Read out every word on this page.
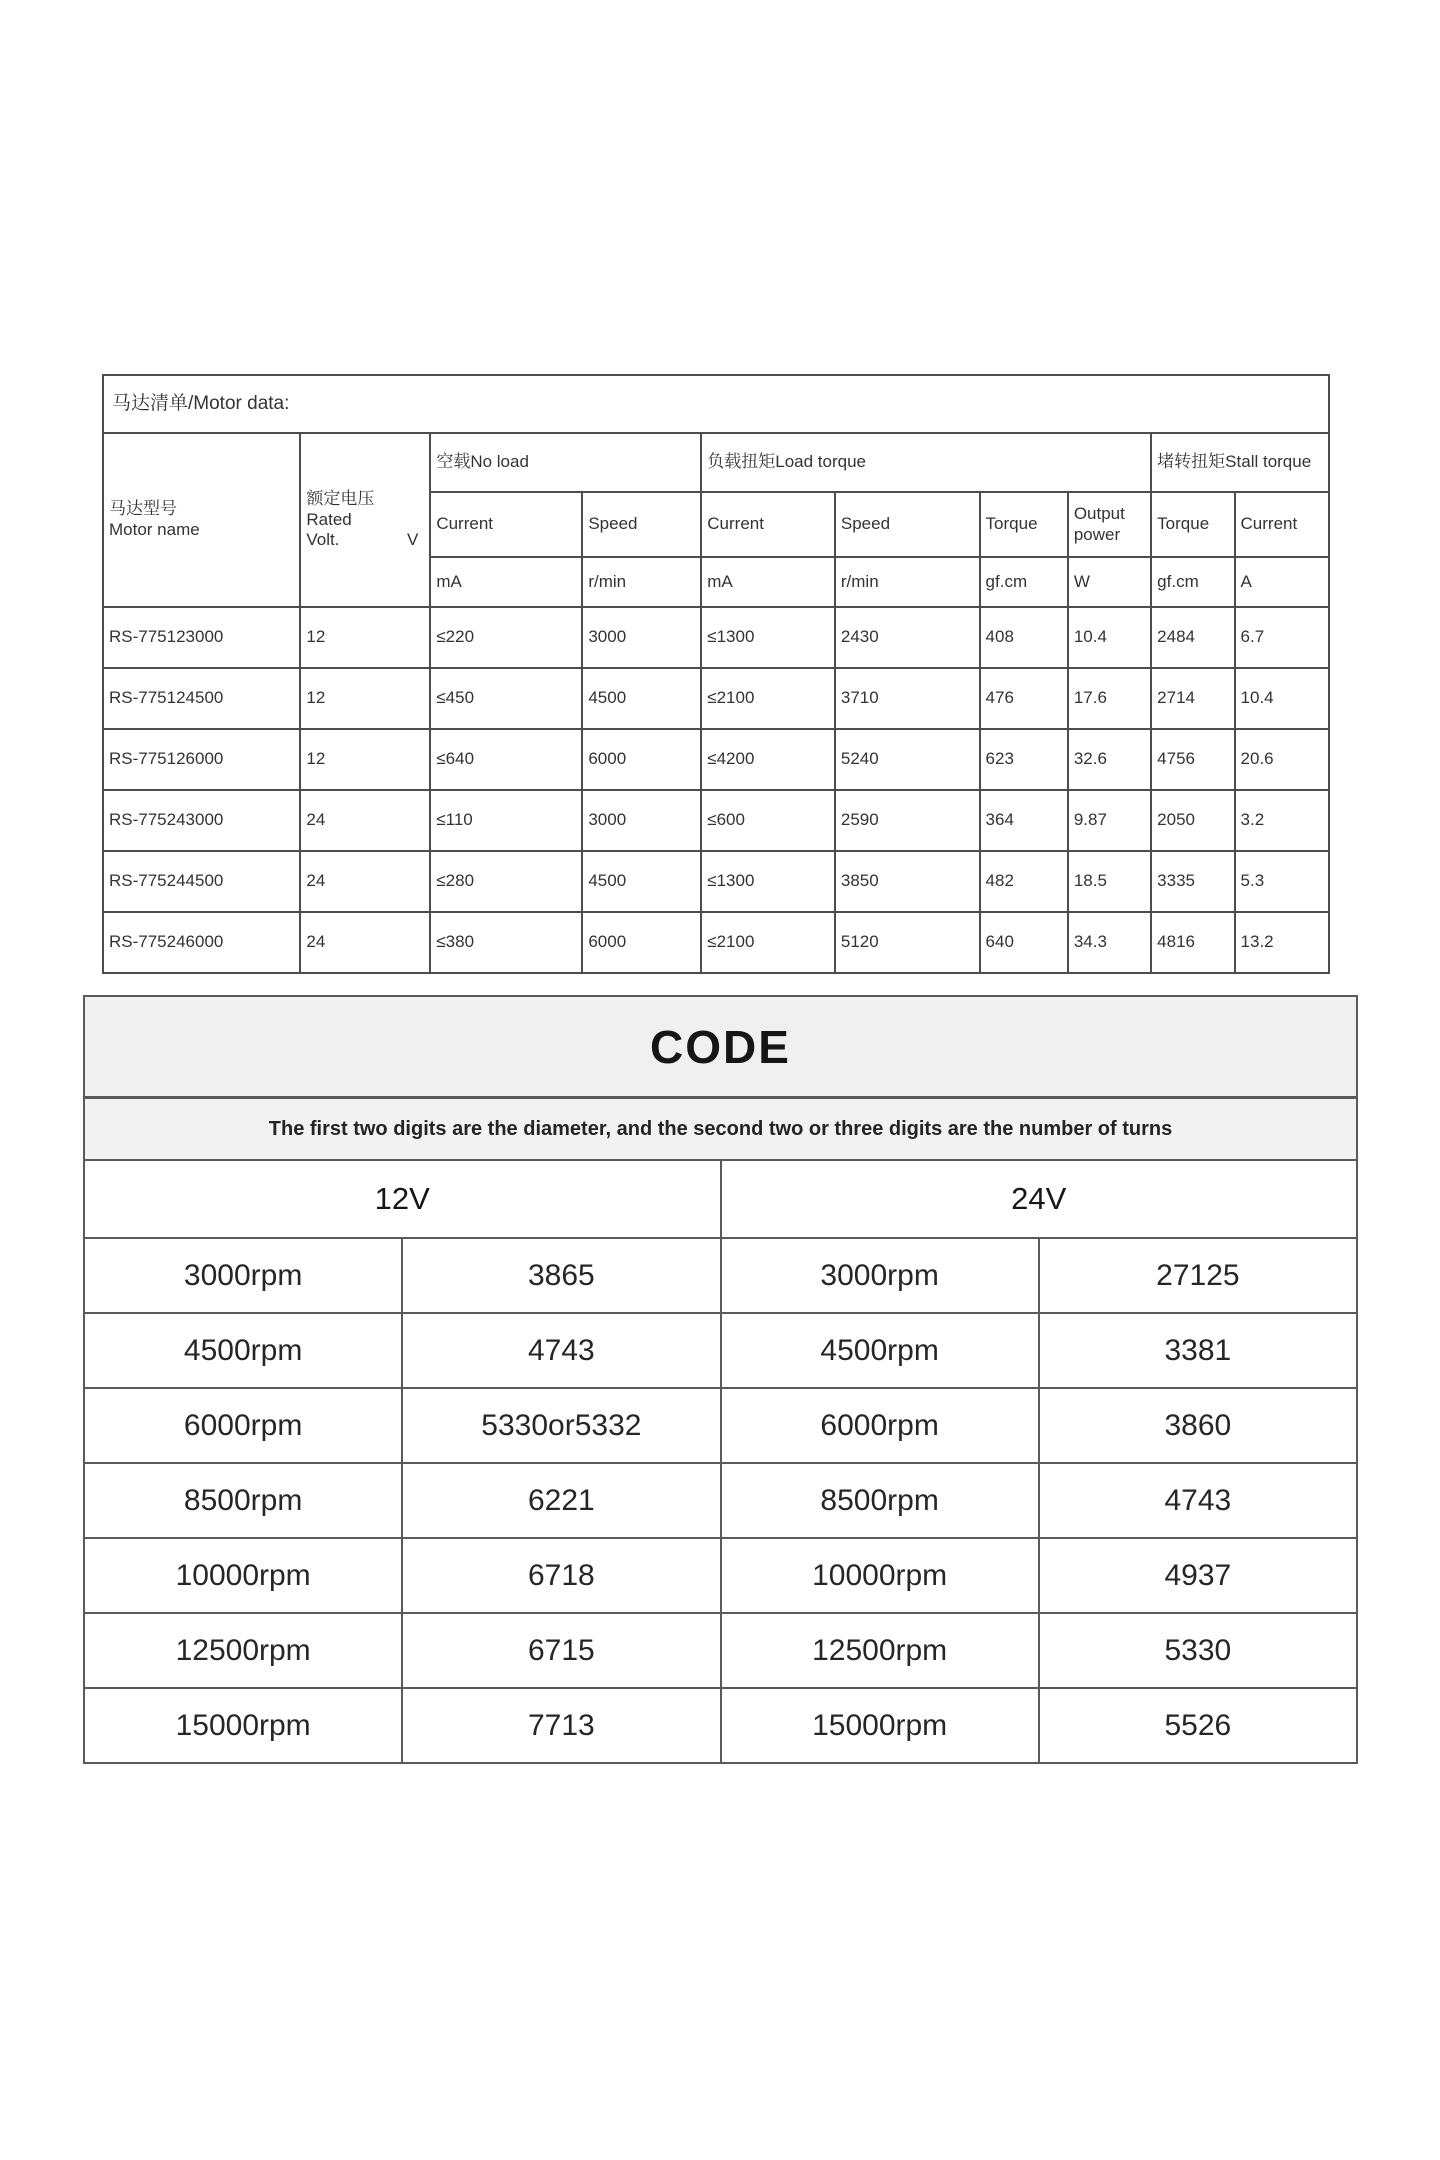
马达清单/Motor data:									

马达型号
Motor name

额定电压
Rated
Volt.	V
	空载No load	负载扭矩Load torque	堵转扭矩Stall torque
		Current	Speed	Current	Speed	Torque	Output power	Torque	Current
		mA	r/min	mA	r/min	gf.cm	W	gf.cm	A
RS-775123000	12	≤220	3000	≤1300	2430	408	10.4	2484	6.7
RS-775124500	12	≤450	4500	≤2100	3710	476	17.6	2714	10.4
RS-775126000	12	≤640	6000	≤4200	5240	623	32.6	4756	20.6
RS-775243000	24	≤110	3000	≤600	2590	364	9.87	2050	3.2
RS-775244500	24	≤280	4500	≤1300	3850	482	18.5	3335	5.3
RS-775246000	24	≤380	6000	≤2100	5120	640	34.3	4816	13.2
CODE			
The first two digits are the diameter, and the second two or three digits are the number of turns			
12V		24V	
3000rpm	3865	3000rpm	27125
4500rpm	4743	4500rpm	3381
6000rpm	5330or5332	6000rpm	3860
8500rpm	6221	8500rpm	4743
10000rpm	6718	10000rpm	4937
12500rpm	6715	12500rpm	5330
15000rpm	7713	15000rpm	5526
